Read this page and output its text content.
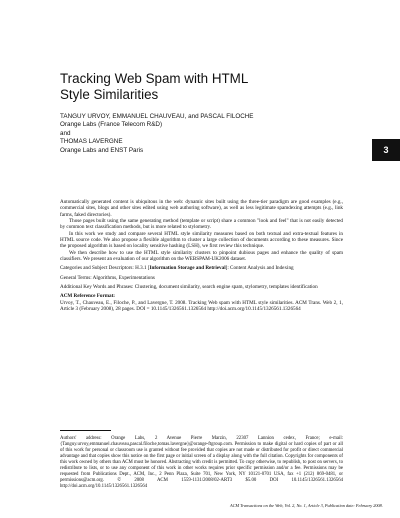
Tracking Web Spam with HTML
Style Similarities
TANGUY URVOY, EMMANUEL CHAUVEAU, and PASCAL FILOCHE
Orange Labs (France Telecom R&D)
and
THOMAS LAVERGNE
Orange Labs and ENST Paris	3

Automatically generated content is ubiquitous in the web: dynamic sites built using the three-tier paradigm are good examples (e.g., commercial sites, blogs and other sites edited using web authoring software), as well as less legitimate spamdexing attempts (e.g., link farms, faked directories).

Those pages built using the same generating method (template or script) share a common "look and feel" that is not easily detected by common text classification methods, but is more related to stylometry.

In this work we study and compare several HTML style similarity measures based on both textual and extra-textual features in HTML source code. We also propose a flexible algorithm to cluster a large collection of documents according to these measures. Since the proposed algorithm is based on locality sensitive hashing (LSH), we first review this technique.

We then describe how to use the HTML style similarity clusters to pinpoint dubious pages and enhance the quality of spam classifiers. We present an evaluation of our algorithm on the WEBSPAM-UK2006 dataset.

Categories and Subject Descriptors: H.3.1 [Information Storage and Retrieval]: Content Analysis and Indexing

General Terms: Algorithms, Experimentations

Additional Key Words and Phrases: Clustering, document similarity, search engine spam, stylometry, templates identification

ACM Reference Format:

Urvoy, T., Chauveau, E., Filoche, P., and Lavergne, T. 2008. Tracking Web spam with HTML style similarities. ACM Trans. Web 2, 1, Article 3 (February 2008), 28 pages. DOI = 10.1145/1326561.1326564 http://doi.acm.org/10.1145/1326561.1326564

Authors' address: Orange Labs, 2 Avenue Pierre Marzin, 22307 Lannion cedex, France; e-mail: {Tanguy.urvoy,emmanuel.chauveau,pascal.filoche,tomas.lavergne}@orange-ftgroup.com. Permission to make digital or hard copies of part or all of this work for personal or classroom use is granted without fee provided that copies are not made or distributed for profit or direct commercial advantage and that copies show this notice on the first page or initial screen of a display along with the full citation. Copyrights for components of this work owned by others than ACM must be honored. Abstracting with credit is permitted. To copy otherwise, to republish, to post on servers, to redistribute to lists, or to use any component of this work in other works requires prior specific permission and/or a fee. Permissions may be requested from Publications Dept., ACM, Inc., 2 Penn Plaza, Suite 701, New York, NY 10121-0701 USA, fax +1 (212) 869-0481, or permissions@acm.org. © 2008 ACM 1559-1131/2008/02-ART3 $5.00 DOI 10.1145/1326561.1326564 http://doi.acm.org/10.1145/1326561.1326564

ACM Transactions on the Web, Vol. 2, No. 1, Article 3, Publication date: February 2008.
